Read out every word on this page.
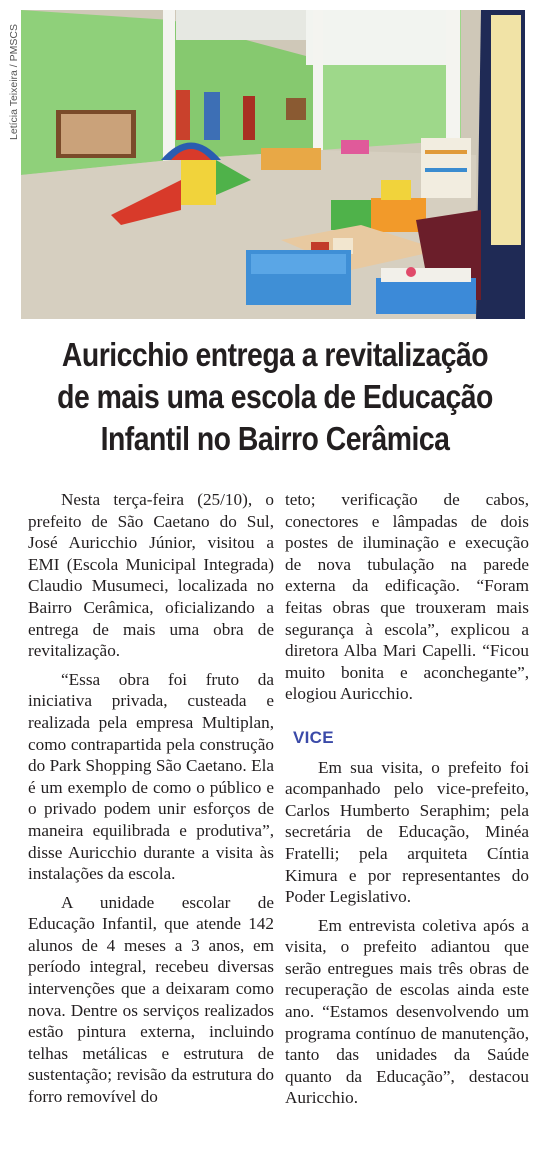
Letícia Teixeira / PMSCS
Auricchio entrega a revitalização
de mais uma escola de Educação
Infantil no Bairro Cerâmica

Nesta terça-feira (25/10), o prefeito de São Caetano do Sul, José Auricchio Júnior, visitou a EMI (Escola Municipal Integrada) Claudio Musumeci, localizada no Bairro Cerâmica, oficializando a entrega de mais uma obra de revitalização.

“Essa obra foi fruto da iniciativa privada, custeada e realizada pela empresa Multiplan, como contrapartida pela construção do Park Shopping São Caetano. Ela é um exemplo de como o público e o privado podem unir esforços de maneira equilibrada e produtiva”, disse Auricchio durante a visita às instalações da escola.

A unidade escolar de Educação Infantil, que atende 142 alunos de 4 meses a 3 anos, em período integral, recebeu diversas intervenções que a deixaram como nova. Dentre os serviços realizados estão pintura externa, incluindo telhas metálicas e estrutura de sustentação; revisão da estrutura do forro removível do

teto; verificação de cabos, conectores e lâmpadas de dois postes de iluminação e execução de nova tubulação na parede externa da edificação. “Foram feitas obras que trouxeram mais segurança à escola”, explicou a diretora Alba Mari Capelli. “Ficou muito bonita e aconchegante”, elogiou Auricchio.

VICE

Em sua visita, o prefeito foi acompanhado pelo vice-prefeito, Carlos Humberto Seraphim; pela secretária de Educação, Minéa Fratelli; pela arquiteta Cíntia Kimura e por representantes do Poder Legislativo.

Em entrevista coletiva após a visita, o prefeito adiantou que serão entregues mais três obras de recuperação de escolas ainda este ano. “Estamos desenvolvendo um programa contínuo de manutenção, tanto das unidades da Saúde quanto da Educação”, destacou Auricchio.
